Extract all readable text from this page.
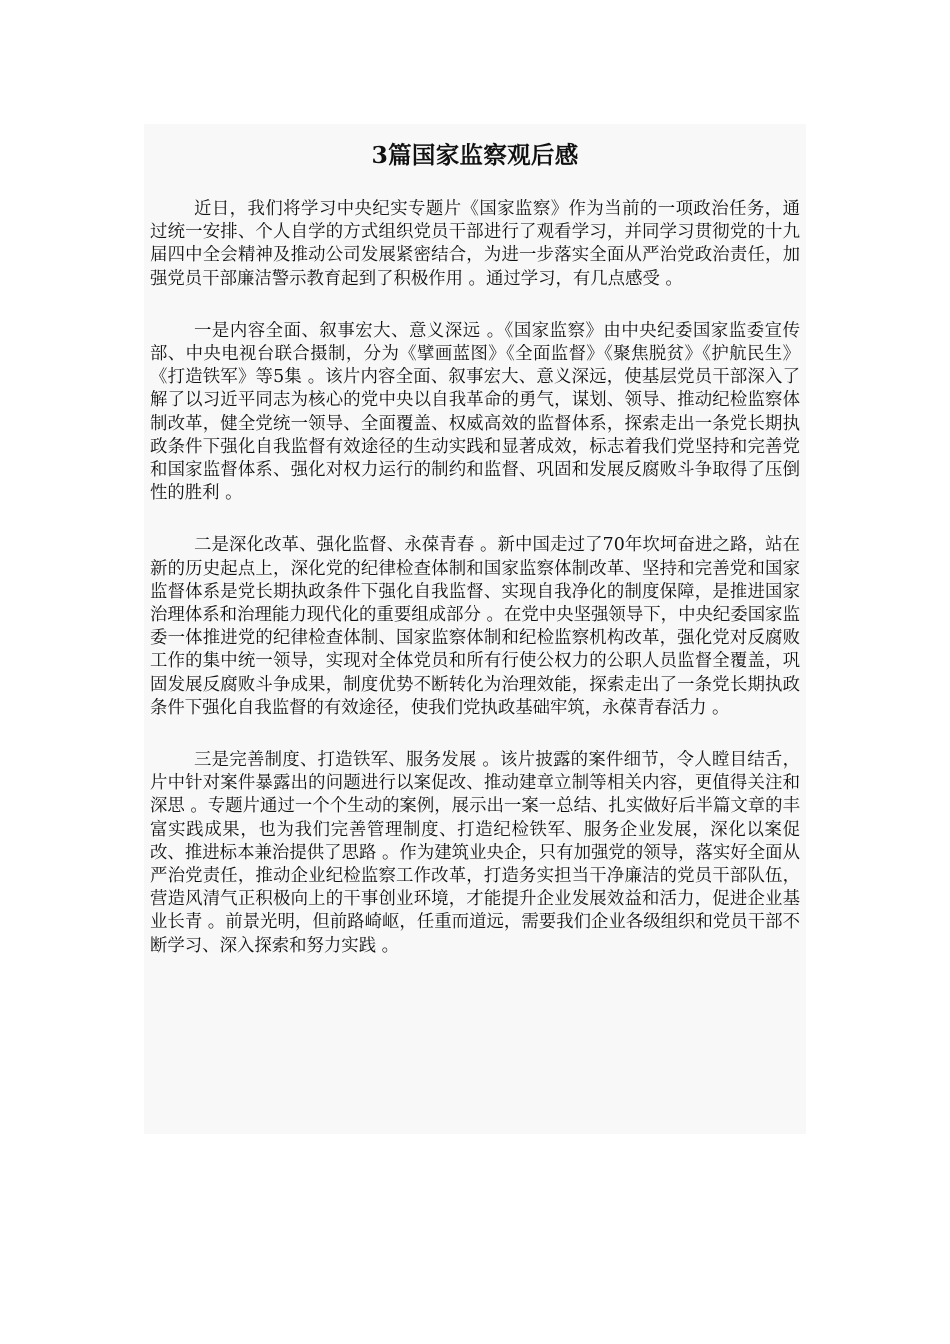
3篇国家监察观后感

近日，我们将学习中央纪实专题片《国家监察》作为当前的一项政治任务，通过统一安排、个人自学的方式组织党员干部进行了观看学习，并同学习贯彻党的十九届四中全会精神及推动公司发展紧密结合，为进一步落实全面从严治党政治责任，加强党员干部廉洁警示教育起到了积极作用 。通过学习，有几点感受 。

一是内容全面、叙事宏大、意义深远 。《国家监察》由中央纪委国家监委宣传部、中央电视台联合摄制，分为《擘画蓝图》《全面监督》《聚焦脱贫》《护航民生》《打造铁军》等5集 。该片内容全面、叙事宏大、意义深远，使基层党员干部深入了解了以习近平同志为核心的党中央以自我革命的勇气，谋划、领导、推动纪检监察体制改革，健全党统一领导、全面覆盖、权威高效的监督体系，探索走出一条党长期执政条件下强化自我监督有效途径的生动实践和显著成效，标志着我们党坚持和完善党和国家监督体系、强化对权力运行的制约和监督、巩固和发展反腐败斗争取得了压倒性的胜利 。

二是深化改革、强化监督、永葆青春 。新中国走过了70年坎坷奋进之路，站在新的历史起点上，深化党的纪律检查体制和国家监察体制改革、坚持和完善党和国家监督体系是党长期执政条件下强化自我监督、实现自我净化的制度保障，是推进国家治理体系和治理能力现代化的重要组成部分 。在党中央坚强领导下，中央纪委国家监委一体推进党的纪律检查体制、国家监察体制和纪检监察机构改革，强化党对反腐败工作的集中统一领导，实现对全体党员和所有行使公权力的公职人员监督全覆盖，巩固发展反腐败斗争成果，制度优势不断转化为治理效能，探索走出了一条党长期执政条件下强化自我监督的有效途径，使我们党执政基础牢筑，永葆青春活力 。

三是完善制度、打造铁军、服务发展 。该片披露的案件细节，令人瞠目结舌，片中针对案件暴露出的问题进行以案促改、推动建章立制等相关内容，更值得关注和深思 。专题片通过一个个生动的案例，展示出一案一总结、扎实做好后半篇文章的丰富实践成果，也为我们完善管理制度、打造纪检铁军、服务企业发展，深化以案促改、推进标本兼治提供了思路 。作为建筑业央企，只有加强党的领导，落实好全面从严治党责任，推动企业纪检监察工作改革，打造务实担当干净廉洁的党员干部队伍，营造风清气正积极向上的干事创业环境，才能提升企业发展效益和活力，促进企业基业长青 。前景光明，但前路崎岖，任重而道远，需要我们企业各级组织和党员干部不断学习、深入探索和努力实践 。
